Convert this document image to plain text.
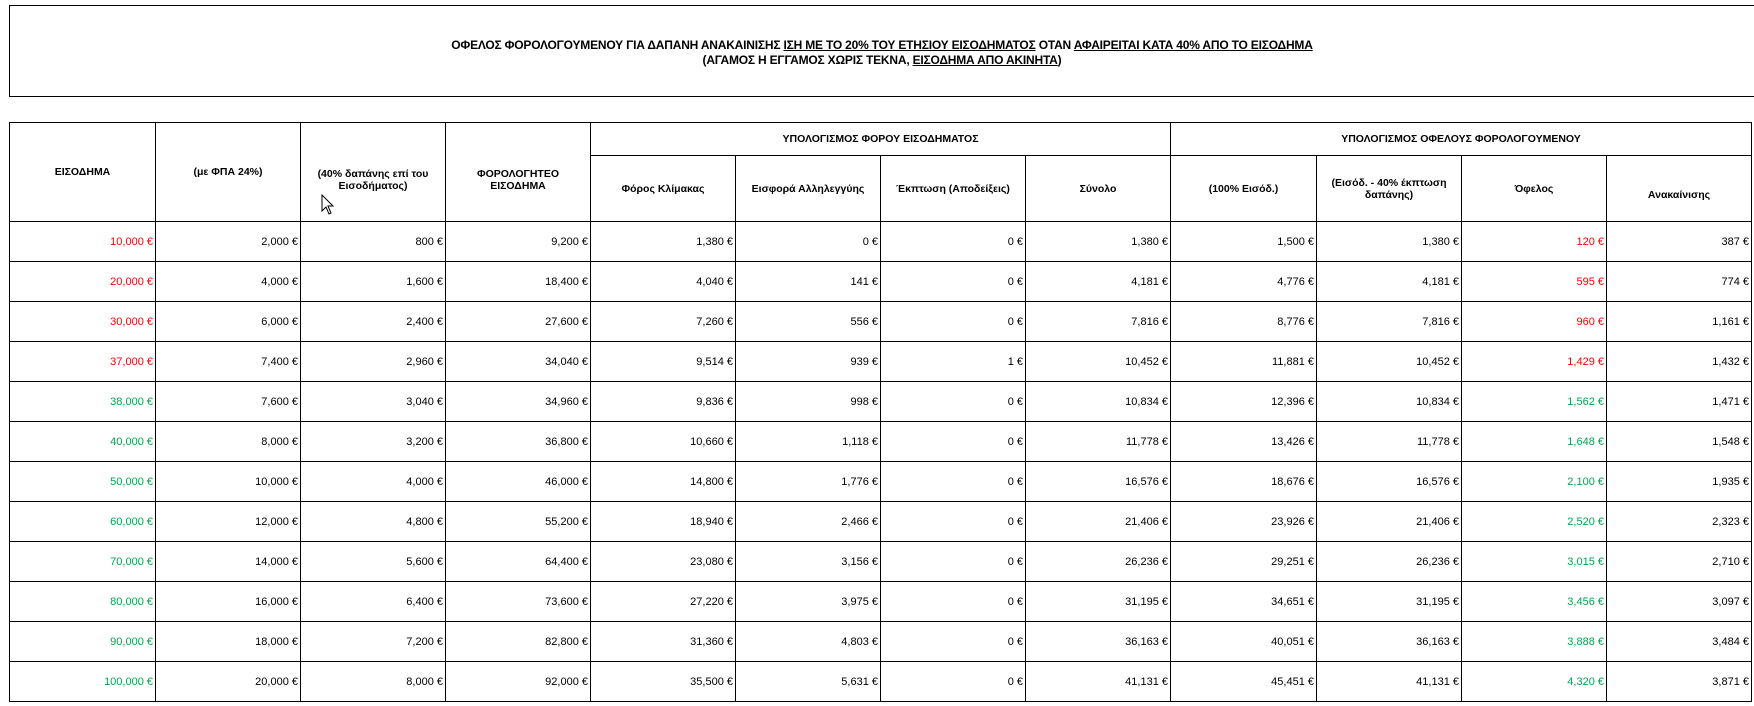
ΟΦΕΛΟΣ ΦΟΡΟΛΟΓΟΥΜΕΝΟΥ ΓΙΑ ΔΑΠΑΝΗ ΑΝΑΚΑΙΝΙΣΗΣ ΙΣΗ ΜΕ ΤΟ 20% ΤΟΥ ΕΤΗΣΙΟΥ ΕΙΣΟΔΗΜΑΤΟΣ ΟΤΑΝ ΑΦΑΙΡΕΙΤΑΙ ΚΑΤΑ 40% ΑΠΟ ΤΟ ΕΙΣΟΔΗΜΑ
(ΑΓΑΜΟΣ Η ΕΓΓΑΜΟΣ ΧΩΡΙΣ ΤΕΚΝΑ, ΕΙΣΟΔΗΜΑ ΑΠΟ ΑΚΙΝΗΤΑ)
ΕΙΣΟΔΗΜΑ	(με ΦΠΑ 24%)	(40% δαπάνης επί του Εισοδήματος)	ΦΟΡΟΛΟΓΗΤΕΟ ΕΙΣΟΔΗΜΑ	ΥΠΟΛΟΓΙΣΜΟΣ ΦΟΡΟΥ ΕΙΣΟΔΗΜΑΤΟΣ				ΥΠΟΛΟΓΙΣΜΟΣ ΟΦΕΛΟΥΣ ΦΟΡΟΛΟΓΟΥΜΕΝΟΥ			
				Φόρος Κλίμακας	Εισφορά Αλληλεγγύης	Έκπτωση (Αποδείξεις)	Σύνολο	(100% Εισόδ.)	(Εισόδ. - 40% έκπτωση δαπάνης)	Όφελος	Ανακαίνισης
10,000 €	2,000 €	800 €	9,200 €	1,380 €	0 €	0 €	1,380 €	1,500 €	1,380 €	120 €	387 €
20,000 €	4,000 €	1,600 €	18,400 €	4,040 €	141 €	0 €	4,181 €	4,776 €	4,181 €	595 €	774 €
30,000 €	6,000 €	2,400 €	27,600 €	7,260 €	556 €	0 €	7,816 €	8,776 €	7,816 €	960 €	1,161 €
37,000 €	7,400 €	2,960 €	34,040 €	9,514 €	939 €	1 €	10,452 €	11,881 €	10,452 €	1,429 €	1,432 €
38,000 €	7,600 €	3,040 €	34,960 €	9,836 €	998 €	0 €	10,834 €	12,396 €	10,834 €	1,562 €	1,471 €
40,000 €	8,000 €	3,200 €	36,800 €	10,660 €	1,118 €	0 €	11,778 €	13,426 €	11,778 €	1,648 €	1,548 €
50,000 €	10,000 €	4,000 €	46,000 €	14,800 €	1,776 €	0 €	16,576 €	18,676 €	16,576 €	2,100 €	1,935 €
60,000 €	12,000 €	4,800 €	55,200 €	18,940 €	2,466 €	0 €	21,406 €	23,926 €	21,406 €	2,520 €	2,323 €
70,000 €	14,000 €	5,600 €	64,400 €	23,080 €	3,156 €	0 €	26,236 €	29,251 €	26,236 €	3,015 €	2,710 €
80,000 €	16,000 €	6,400 €	73,600 €	27,220 €	3,975 €	0 €	31,195 €	34,651 €	31,195 €	3,456 €	3,097 €
90,000 €	18,000 €	7,200 €	82,800 €	31,360 €	4,803 €	0 €	36,163 €	40,051 €	36,163 €	3,888 €	3,484 €
100,000 €	20,000 €	8,000 €	92,000 €	35,500 €	5,631 €	0 €	41,131 €	45,451 €	41,131 €	4,320 €	3,871 €
